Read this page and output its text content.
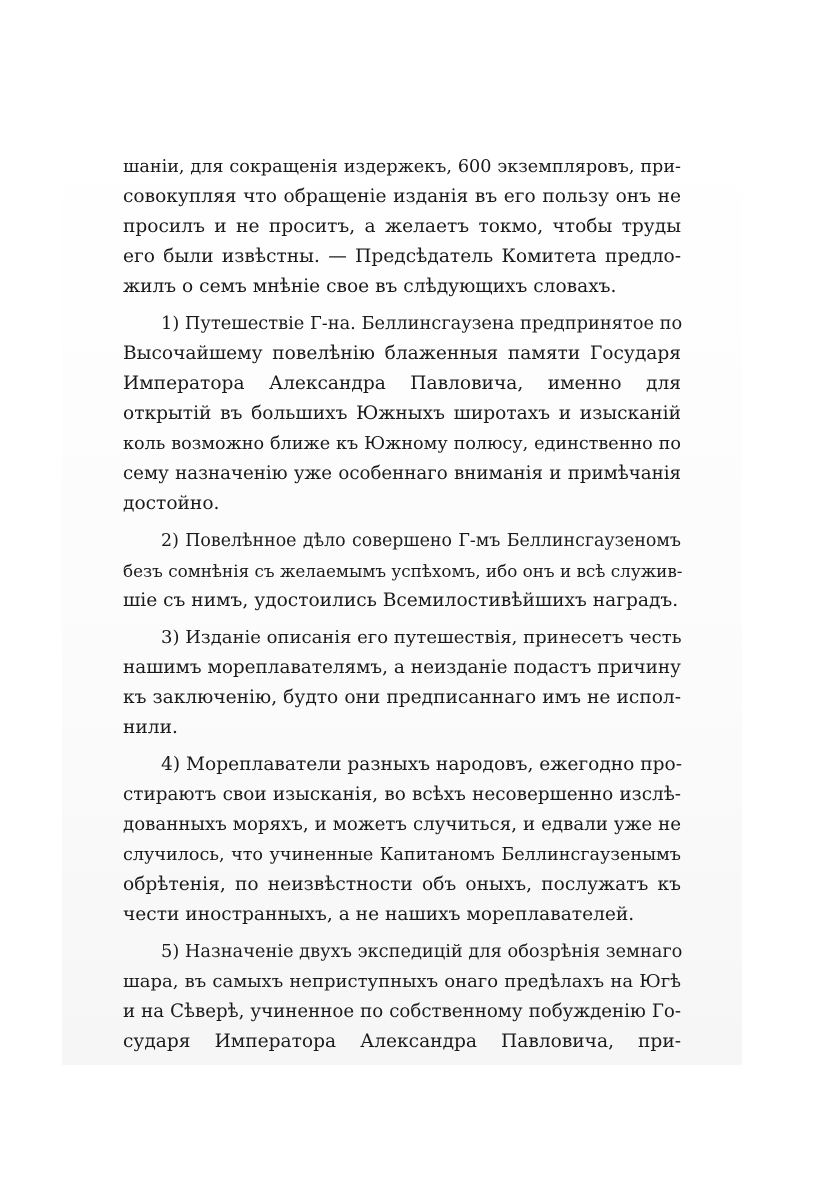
шаніи, для сокращенія издержекъ, 600 экземпляровъ, при-
совокупляя что обращеніе изданія въ его пользу онъ не
просилъ и не проситъ, а желаетъ токмо, чтобы труды
его были извѣстны. — Предсѣдатель Комитета предло-
жилъ о семъ мнѣніе свое въ слѣдующихъ словахъ.
1) Путешествіе Г-на. Беллинсгаузена предпринятое по
Высочайшему повелѣнію блаженныя памяти Государя
Императора Александра Павловича, именно для
открытій въ большихъ Южныхъ широтахъ и изысканій
коль возможно ближе къ Южному полюсу, единственно по
сему назначенію уже особеннаго вниманія и примѣчанія
достойно.
2) Повелѣнное дѣло совершено Г-мъ Беллинсгаузеномъ
безъ сомнѣнія съ желаемымъ успѣхомъ, ибо онъ и всѣ служив-
шіе съ нимъ, удостоились Всемилостивѣйшихъ наградъ.
3) Изданіе описанія его путешествія, принесетъ честь
нашимъ мореплавателямъ, а неизданіе подастъ причину
къ заключенію, будто они предписаннаго имъ не испол-
нили.
4) Мореплаватели разныхъ народовъ, ежегодно про-
стираютъ свои изысканія, во всѣхъ несовершенно изслѣ-
дованныхъ моряхъ, и можетъ случиться, и едвали уже не
случилось, что учиненные Капитаномъ Беллинсгаузенымъ
обрѣтенія, по неизвѣстности объ оныхъ, послужатъ къ
чести иностранныхъ, а не нашихъ мореплавателей.
5) Назначеніе двухъ экспедицій для обозрѣнія земнаго
шара, въ самыхъ неприступныхъ онаго предѣлахъ на Югѣ
и на Сѣверѣ, учиненное по собственному побужденію Го-
сударя Императора Александра Павловича, при-
